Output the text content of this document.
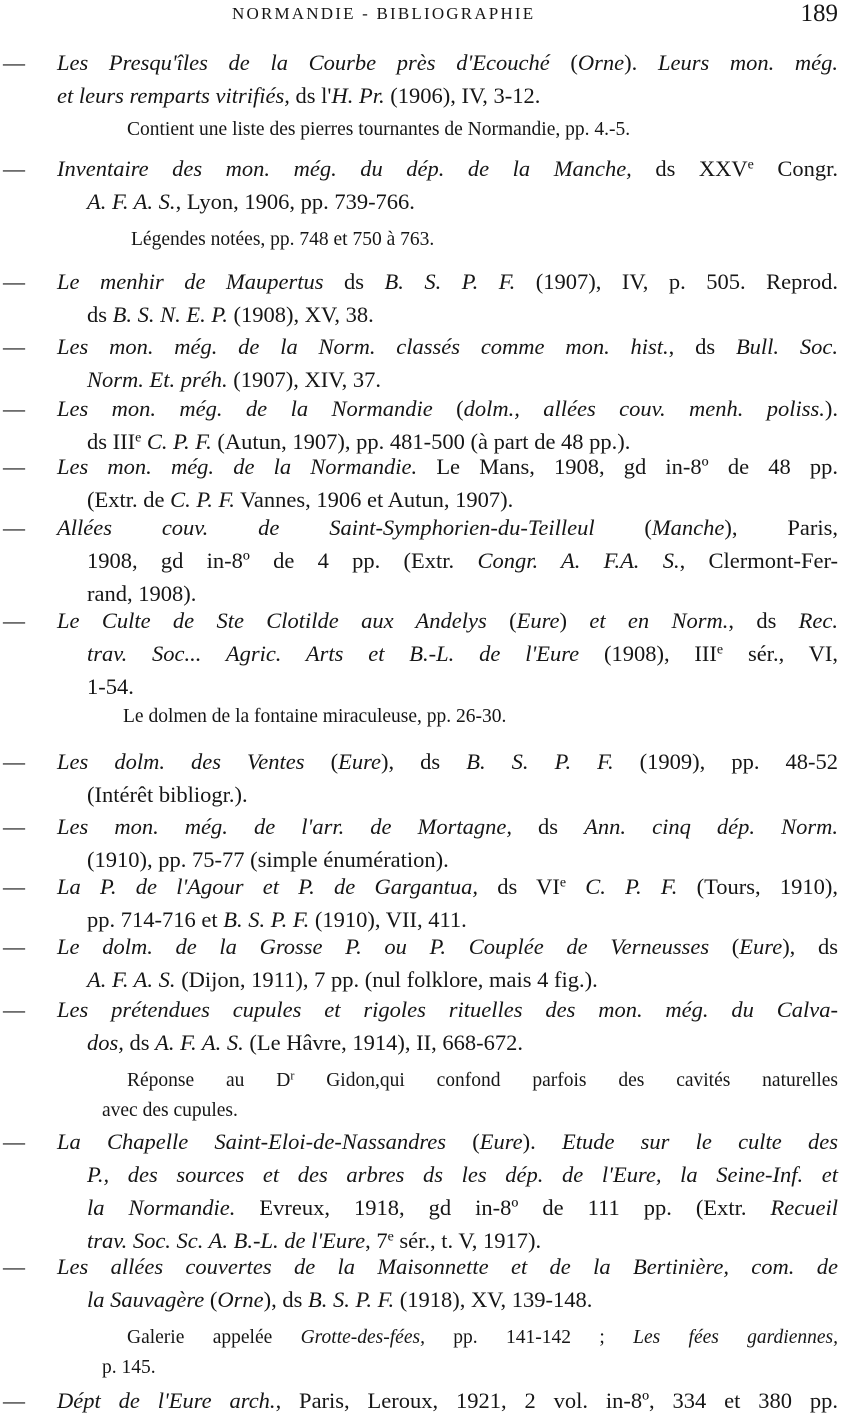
NORMANDIE - BIBLIOGRAPHIE	189
— Les Presqu'îles de la Courbe près d'Ecouché (Orne). Leurs mon. még.
et leurs remparts vitrifiés, ds l'H. Pr. (1906), IV, 3-12.
Contient une liste des pierres tournantes de Normandie, pp. 4.-5.
— Inventaire des mon. még. du dép. de la Manche, ds XXVe Congr.
A. F. A. S., Lyon, 1906, pp. 739-766.
Légendes notées, pp. 748 et 750 à 763.
— Le menhir de Maupertus ds B. S. P. F. (1907), IV, p. 505. Reprod.
ds B. S. N. E. P. (1908), XV, 38.
— Les mon. még. de la Norm. classés comme mon. hist., ds Bull. Soc.
Norm. Et. préh. (1907), XIV, 37.
— Les mon. még. de la Normandie (dolm., allées couv. menh. poliss.).
ds IIIe C. P. F. (Autun, 1907), pp. 481-500 (à part de 48 pp.).
— Les mon. még. de la Normandie. Le Mans, 1908, gd in-8º de 48 pp.
(Extr. de C. P. F. Vannes, 1906 et Autun, 1907).
— Allées couv. de Saint-Symphorien-du-Teilleul (Manche), Paris,
1908, gd in-8º de 4 pp. (Extr. Congr. A. F.A. S., Clermont-Fer-
rand, 1908).
— Le Culte de Ste Clotilde aux Andelys (Eure) et en Norm., ds Rec.
trav. Soc... Agric. Arts et B.-L. de l'Eure (1908), IIIe sér., VI,
1-54.
Le dolmen de la fontaine miraculeuse, pp. 26-30.
— Les dolm. des Ventes (Eure), ds B. S. P. F. (1909), pp. 48-52
(Intérêt bibliogr.).
— Les mon. még. de l'arr. de Mortagne, ds Ann. cinq dép. Norm.
(1910), pp. 75-77 (simple énumération).
— La P. de l'Agour et P. de Gargantua, ds VIe C. P. F. (Tours, 1910),
pp. 714-716 et B. S. P. F. (1910), VII, 411.
— Le dolm. de la Grosse P. ou P. Couplée de Verneusses (Eure), ds
A. F. A. S. (Dijon, 1911), 7 pp. (nul folklore, mais 4 fig.).
— Les prétendues cupules et rigoles rituelles des mon. még. du Calva-
dos, ds A. F. A. S. (Le Hâvre, 1914), II, 668-672.
Réponse au $D^r$ Gidon,qui confond parfois des cavités naturelles
avec des cupules.
— La Chapelle Saint-Eloi-de-Nassandres (Eure). Etude sur le culte des
P., des sources et des arbres ds les dép. de l'Eure, la Seine-Inf. et
la Normandie. Evreux, 1918, gd in-8º de 111 pp. (Extr. Recueil
trav. Soc. Sc. A. B.-L. de l'Eure, 7e sér., t. V, 1917).
— Les allées couvertes de la Maisonnette et de la Bertinière, com. de
la Sauvagère (Orne), ds B. S. P. F. (1918), XV, 139-148.
Galerie appelée Grotte-des-fées, pp. 141-142 ; Les fées gardiennes,
p. 145.
— Dépt de l'Eure arch., Paris, Leroux, 1921, 2 vol. in-8º, 334 et 380 pp.
